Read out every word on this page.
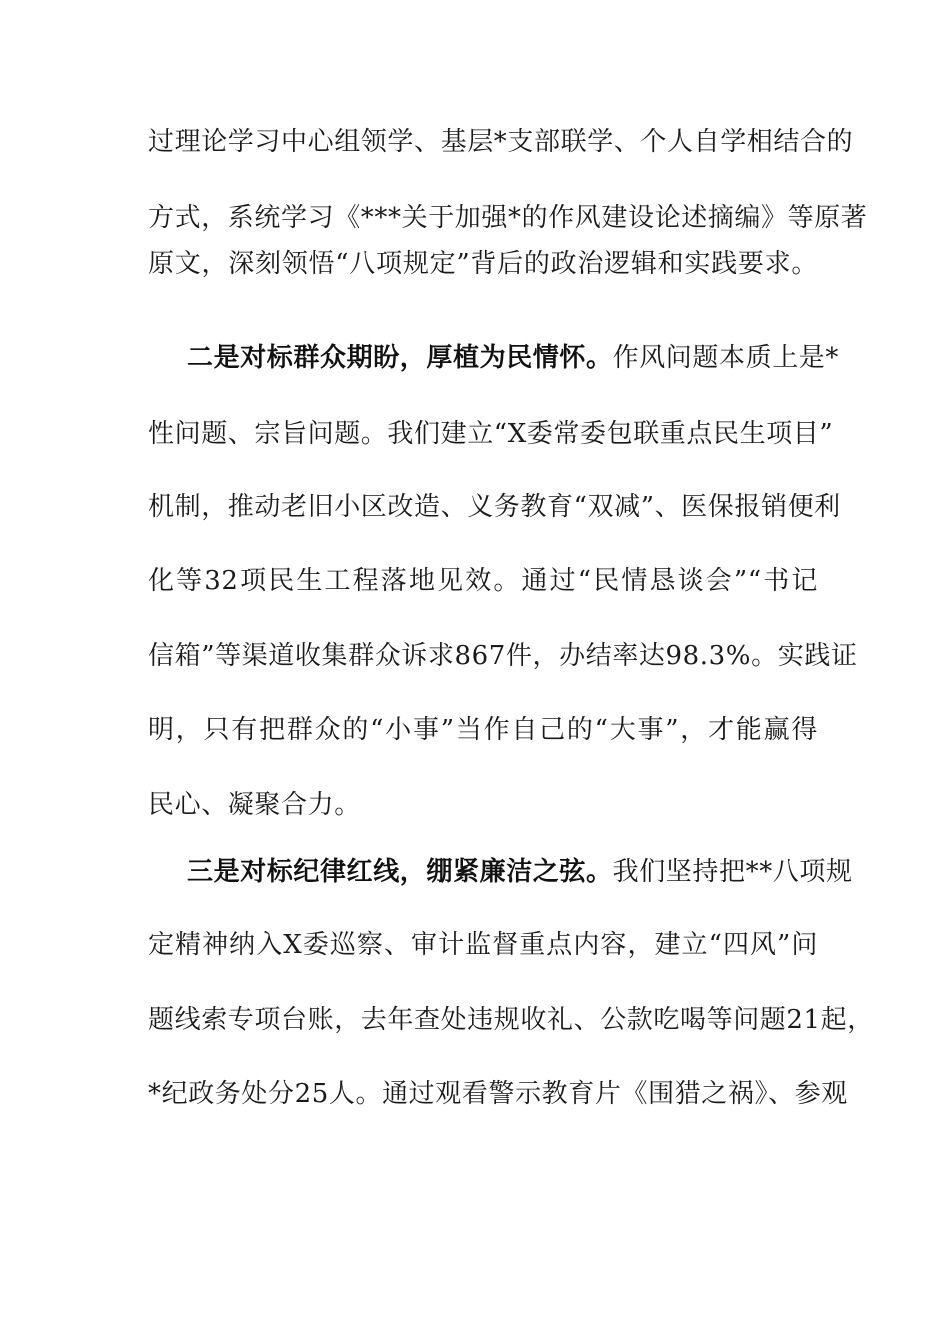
过理论学习中心组领学、基层*支部联学、个人自学相结合的
方式，系统学习《***关于加强*的作风建设论述摘编》等原著
原文，深刻领悟“八项规定”背后的政治逻辑和实践要求。
二是对标群众期盼，厚植为民情怀。作风问题本质上是*
性问题、宗旨问题。我们建立“X委常委包联重点民生项目”
机制，推动老旧小区改造、义务教育“双减”、医保报销便利
化等32项民生工程落地见效。通过“民情恳谈会”“书记
信箱”等渠道收集群众诉求867件，办结率达98.3%。实践证
明，只有把群众的“小事”当作自己的“大事”，才能赢得
民心、凝聚合力。
三是对标纪律红线，绷紧廉洁之弦。我们坚持把**八项规
定精神纳入X委巡察、审计监督重点内容，建立“四风”问
题线索专项台账，去年查处违规收礼、公款吃喝等问题21起，
*纪政务处分25人。通过观看警示教育片《围猎之祸》、参观
